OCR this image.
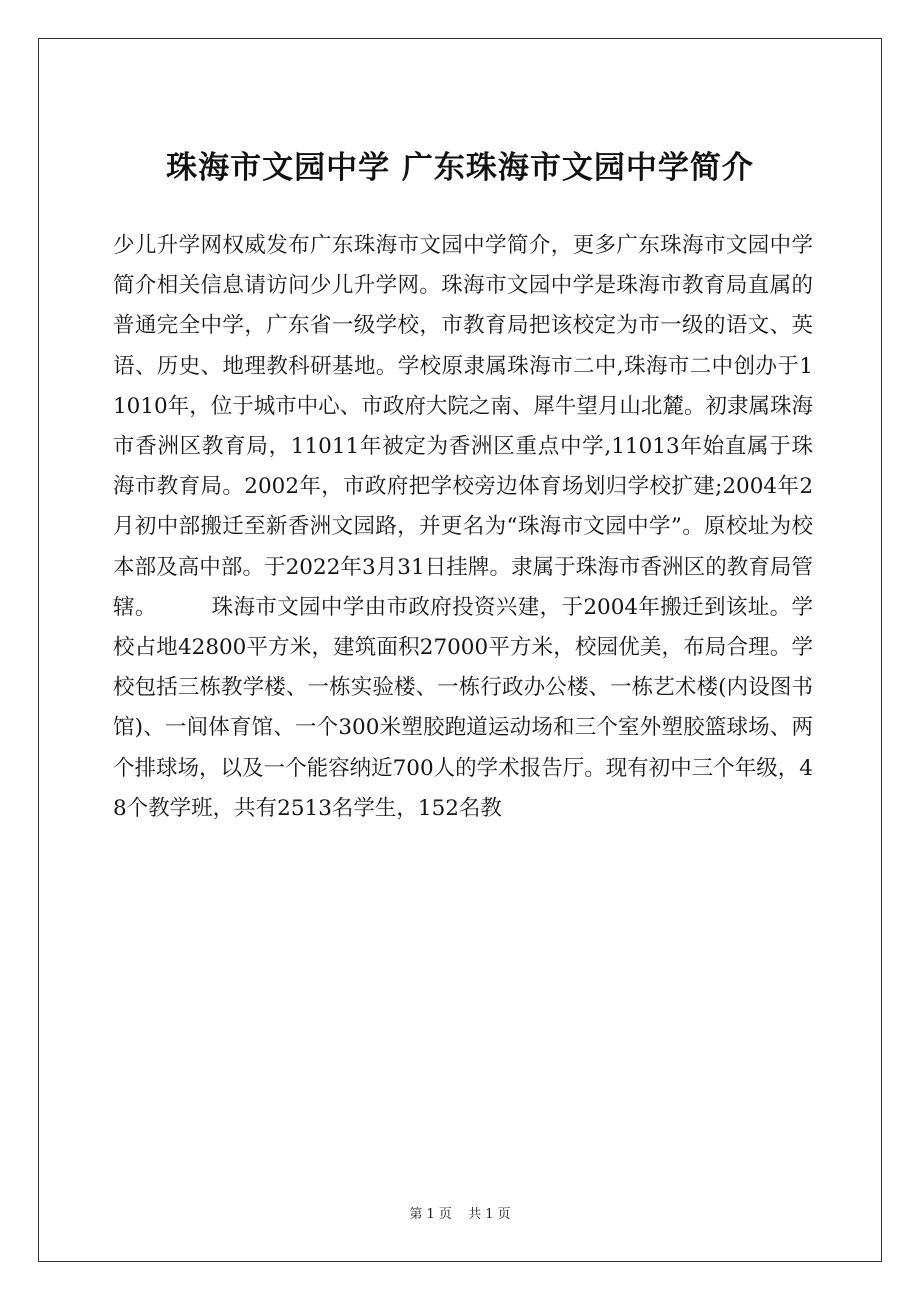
珠海市文园中学 广东珠海市文园中学简介

少儿升学网权威发布广东珠海市文园中学简介，更多广东珠海市文园中学简介相关信息请访问少儿升学网。珠海市文园中学是珠海市教育局直属的普通完全中学，广东省一级学校，市教育局把该校定为市一级的语文、英语、历史、地理教科研基地。学校原隶属珠海市二中,珠海市二中创办于11010年，位于城市中心、市政府大院之南、犀牛望月山北麓。初隶属珠海市香洲区教育局，11011年被定为香洲区重点中学,11013年始直属于珠海市教育局。2002年，市政府把学校旁边体育场划归学校扩建;2004年2月初中部搬迁至新香洲文园路，并更名为“珠海市文园中学”。原校址为校本部及高中部。于2022年3月31日挂牌。隶属于珠海市香洲区的教育局管辖。　　　珠海市文园中学由市政府投资兴建，于2004年搬迁到该址。学校占地42800平方米，建筑面积27000平方米，校园优美，布局合理。学校包括三栋教学楼、一栋实验楼、一栋行政办公楼、一栋艺术楼(内设图书馆)、一间体育馆、一个300米塑胶跑道运动场和三个室外塑胶篮球场、两个排球场，以及一个能容纳近700人的学术报告厅。现有初中三个年级，48个教学班，共有2513名学生，152名教

第 1 页 共 1 页
